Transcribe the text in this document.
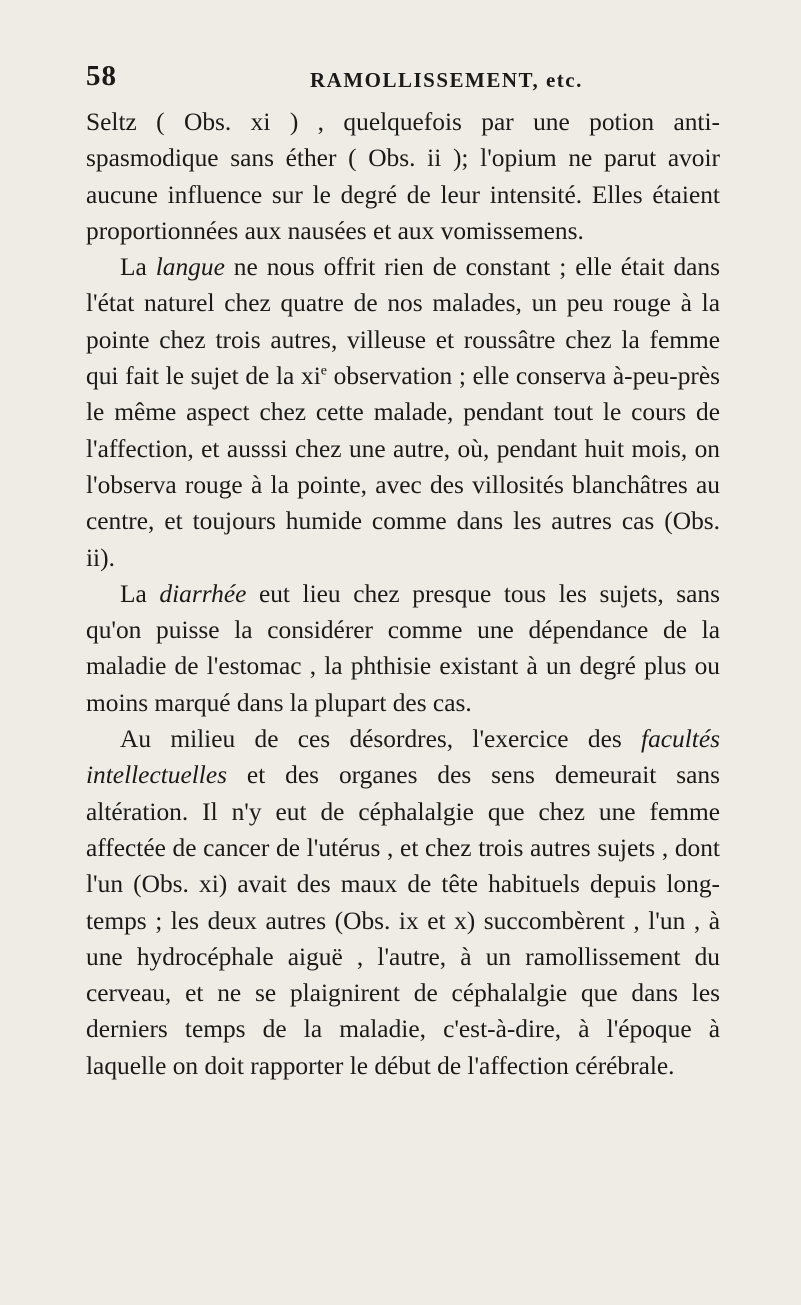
58	RAMOLLISSEMENT, etc.

Seltz ( Obs. xi ) , quelquefois par une potion anti-spasmodique sans éther ( Obs. ii ); l'opium ne parut avoir aucune influence sur le degré de leur intensité. Elles étaient proportionnées aux nausées et aux vomissemens.

La langue ne nous offrit rien de constant ; elle était dans l'état naturel chez quatre de nos malades, un peu rouge à la pointe chez trois autres, villeuse et roussâtre chez la femme qui fait le sujet de la $xi^e$ observation ; elle conserva à-peu-près le même aspect chez cette malade, pendant tout le cours de l'affection, et ausssi chez une autre, où, pendant huit mois, on l'observa rouge à la pointe, avec des villosités blanchâtres au centre, et toujours humide comme dans les autres cas (Obs. ii).

La diarrhée eut lieu chez presque tous les sujets, sans qu'on puisse la considérer comme une dépendance de la maladie de l'estomac , la phthisie existant à un degré plus ou moins marqué dans la plupart des cas.

Au milieu de ces désordres, l'exercice des facultés intellectuelles et des organes des sens demeurait sans altération. Il n'y eut de céphalalgie que chez une femme affectée de cancer de l'utérus , et chez trois autres sujets , dont l'un (Obs. xi) avait des maux de tête habituels depuis long-temps ; les deux autres (Obs. ix et x) succombèrent , l'un , à une hydrocéphale aiguë , l'autre, à un ramollissement du cerveau, et ne se plaignirent de céphalalgie que dans les derniers temps de la maladie, c'est-à-dire, à l'époque à laquelle on doit rapporter le début de l'affection cérébrale.
